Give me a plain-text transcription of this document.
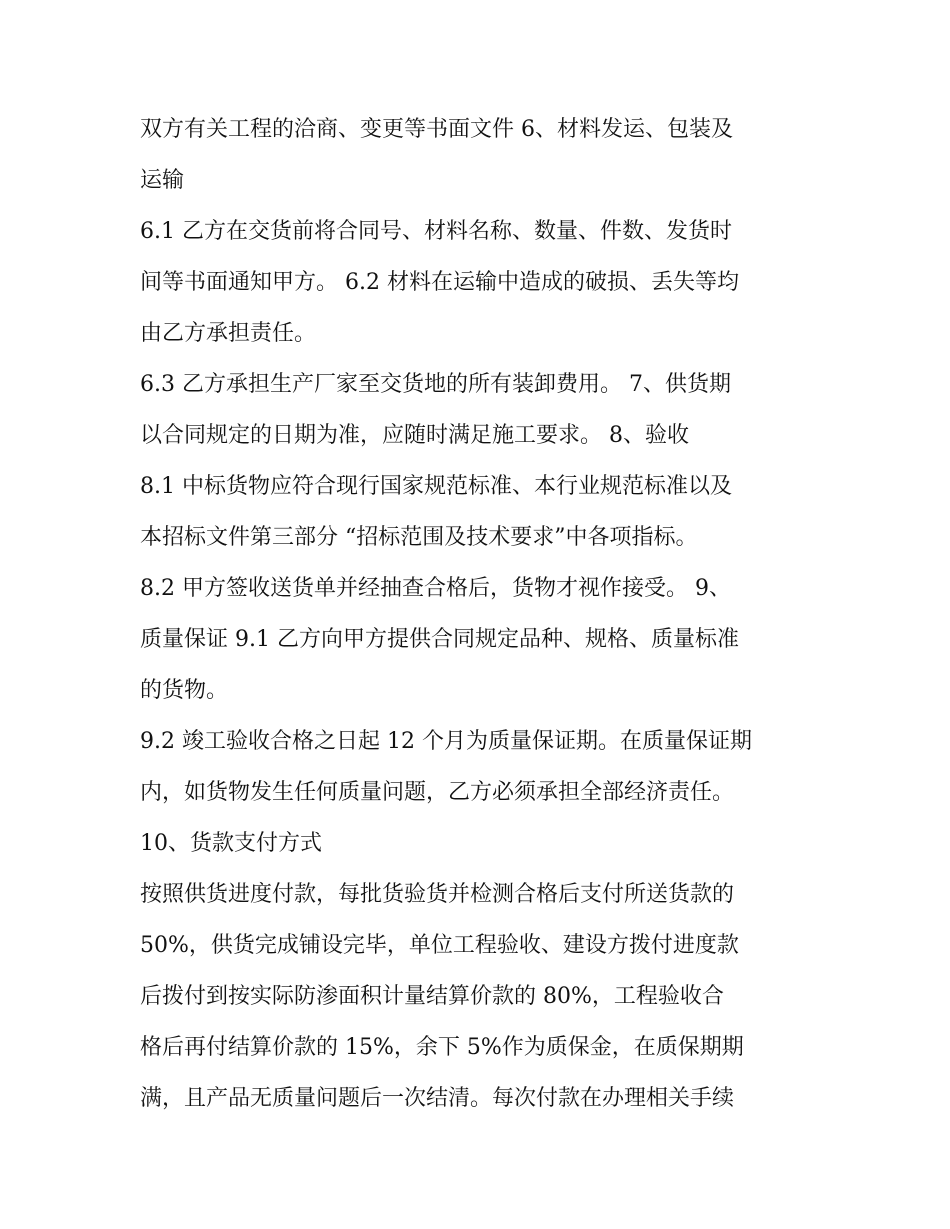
双方有关工程的洽商、变更等书面文件 6、材料发运、包装及
运输
6.1 乙方在交货前将合同号、材料名称、数量、件数、发货时
间等书面通知甲方。 6.2 材料在运输中造成的破损、丢失等均
由乙方承担责任。
6.3 乙方承担生产厂家至交货地的所有装卸费用。 7、供货期
以合同规定的日期为准，应随时满足施工要求。 8、验收
8.1 中标货物应符合现行国家规范标准、本行业规范标准以及
本招标文件第三部分 “招标范围及技术要求”中各项指标。
8.2 甲方签收送货单并经抽查合格后，货物才视作接受。 9、
质量保证 9.1 乙方向甲方提供合同规定品种、规格、质量标准
的货物。
9.2 竣工验收合格之日起 12 个月为质量保证期。在质量保证期
内，如货物发生任何质量问题，乙方必须承担全部经济责任。
10、货款支付方式
按照供货进度付款，每批货验货并检测合格后支付所送货款的
50%，供货完成铺设完毕，单位工程验收、建设方拨付进度款
后拨付到按实际防渗面积计量结算价款的 80%，工程验收合
格后再付结算价款的 15%，余下 5%作为质保金，在质保期期
满，且产品无质量问题后一次结清。每次付款在办理相关手续
